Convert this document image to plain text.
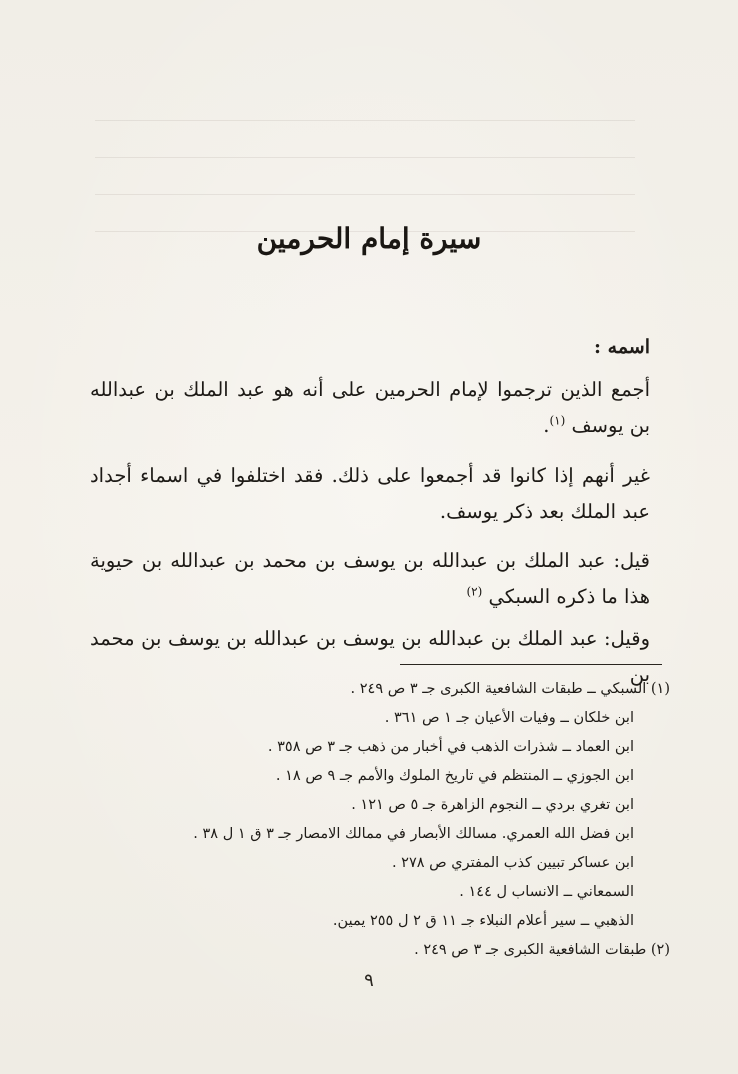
سيرة إمام الحرمين
اسمه :

أجمع الذين ترجموا لإمام الحرمين على أنه هو عبد الملك بن عبدالله بن يوسف $^{(١)}$.

غير أنهم إذا كانوا قد أجمعوا على ذلك. فقد اختلفوا في اسماء أجداد عبد الملك بعد ذكر يوسف.

قيل: عبد الملك بن عبدالله بن يوسف بن محمد بن عبدالله بن حيوية هذا ما ذكره السبكي $^{(٢)}$

وقيل: عبد الملك بن عبدالله بن يوسف بن عبدالله بن يوسف بن محمد بن

(١) السبكي ــ طبقات الشافعية الكبرى جـ ٣ ص ٢٤٩ .
ابن خلكان ــ وفيات الأعيان جـ ١ ص ٣٦١ .
ابن العماد ــ شذرات الذهب في أخبار من ذهب جـ ٣ ص ٣٥٨ .
ابن الجوزي ــ المنتظم في تاريخ الملوك والأمم جـ ٩ ص ١٨ .
ابن تغري بردي ــ النجوم الزاهرة جـ ٥ ص ١٢١ .
ابن فضل الله العمري. مسالك الأبصار في ممالك الامصار جـ ٣ ق ١ ل ٣٨ .
ابن عساكر تبيين كذب المفتري ص ٢٧٨ .
السمعاني ــ الانساب ل ١٤٤ .
الذهبي ــ سير أعلام النبلاء جـ ١١ ق ٢ ل ٢٥٥ يمين.
(٢) طبقات الشافعية الكبرى جـ ٣ ص ٢٤٩ .
٩
